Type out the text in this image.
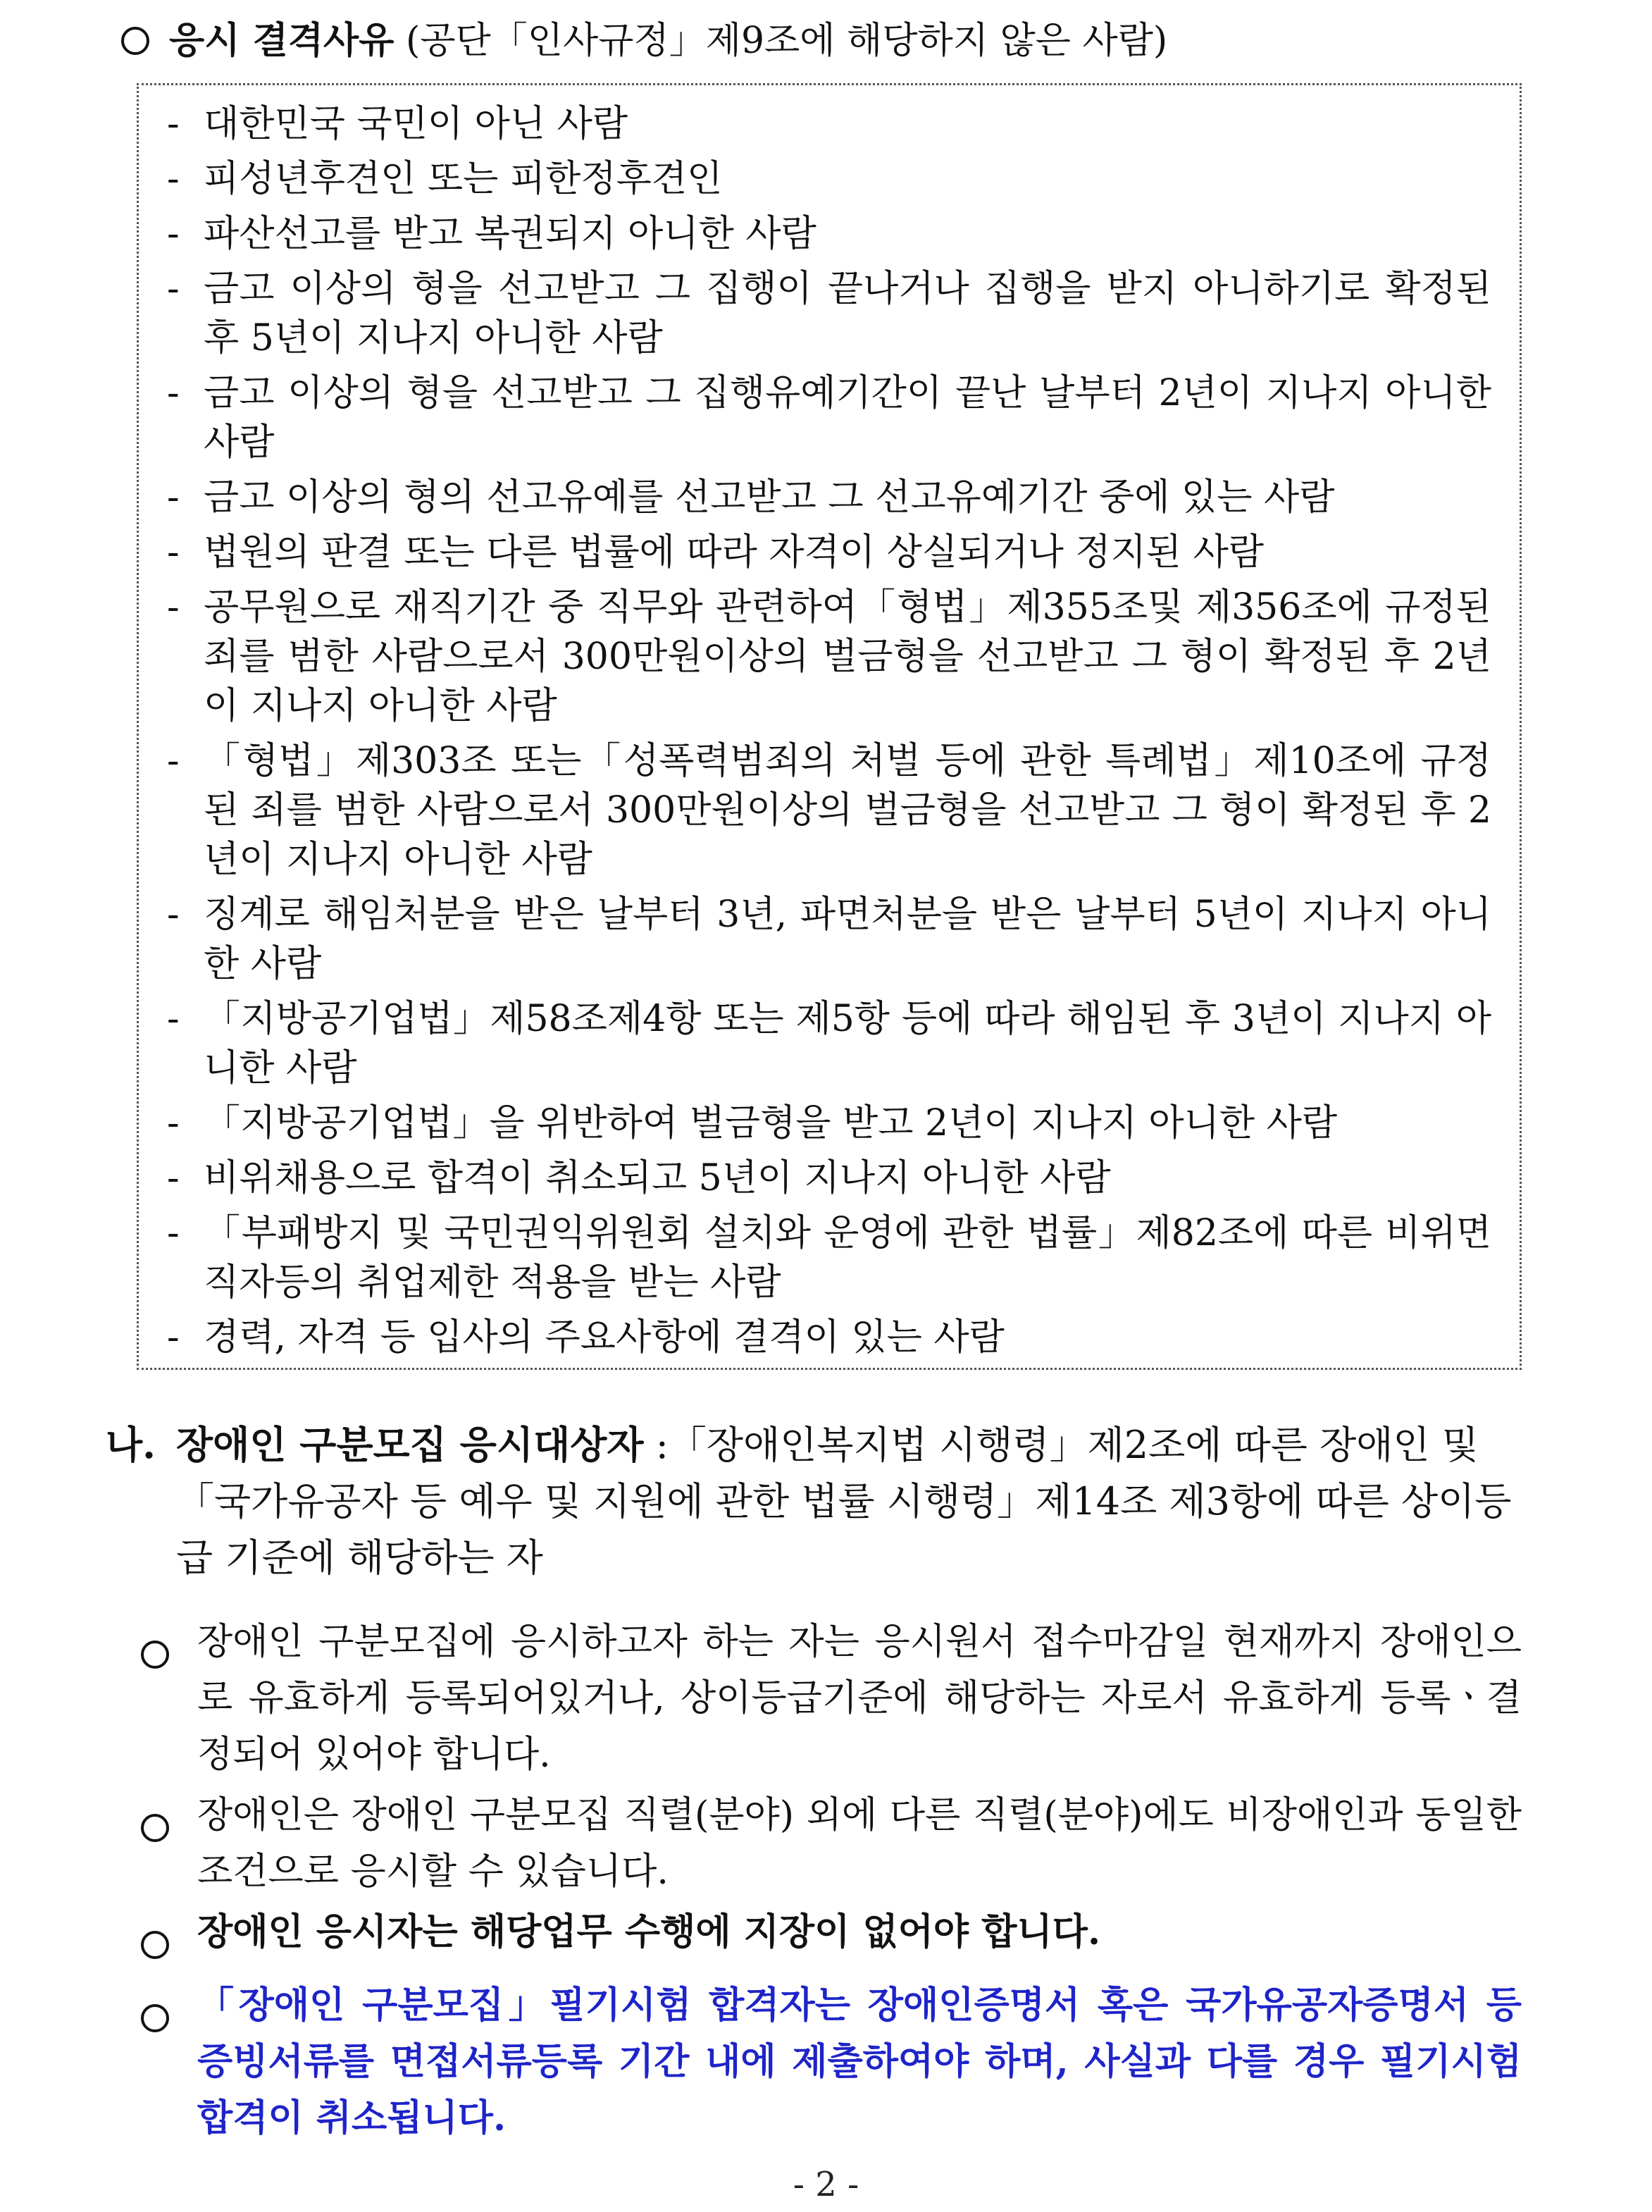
응시 결격사유 (공단「인사규정」제9조에 해당하지 않은 사람)
- 대한민국 국민이 아닌 사람
- 피성년후견인 또는 피한정후견인
- 파산선고를 받고 복권되지 아니한 사람
- 금고 이상의 형을 선고받고 그 집행이 끝나거나 집행을 받지 아니하기로 확정된 후 5년이 지나지 아니한 사람
- 금고 이상의 형을 선고받고 그 집행유예기간이 끝난 날부터 2년이 지나지 아니한 사람
- 금고 이상의 형의 선고유예를 선고받고 그 선고유예기간 중에 있는 사람
- 법원의 판결 또는 다른 법률에 따라 자격이 상실되거나 정지된 사람
- 공무원으로 재직기간 중 직무와 관련하여「형법」제355조및 제356조에 규정된 죄를 범한 사람으로서 300만원이상의 벌금형을 선고받고 그 형이 확정된 후 2년이 지나지 아니한 사람
- 「형법」제303조 또는「성폭력범죄의 처벌 등에 관한 특례법」제10조에 규정된 죄를 범한 사람으로서 300만원이상의 벌금형을 선고받고 그 형이 확정된 후 2년이 지나지 아니한 사람
- 징계로 해임처분을 받은 날부터 3년, 파면처분을 받은 날부터 5년이 지나지 아니한 사람
- 「지방공기업법」제58조제4항 또는 제5항 등에 따라 해임된 후 3년이 지나지 아니한 사람
- 「지방공기업법」을 위반하여 벌금형을 받고 2년이 지나지 아니한 사람
- 비위채용으로 합격이 취소되고 5년이 지나지 아니한 사람
- 「부패방지 및 국민권익위원회 설치와 운영에 관한 법률」제82조에 따른 비위면직자등의 취업제한 적용을 받는 사람
- 경력, 자격 등 입사의 주요사항에 결격이 있는 사람
나. 장애인 구분모집 응시대상자 :「장애인복지법 시행령」제2조에 따른 장애인 및「국가유공자 등 예우 및 지원에 관한 법률 시행령」제14조 제3항에 따른 상이등급 기준에 해당하는 자
장애인 구분모집에 응시하고자 하는 자는 응시원서 접수마감일 현재까지 장애인으로 유효하게 등록되어있거나, 상이등급기준에 해당하는 자로서 유효하게 등록ㆍ결정되어 있어야 합니다.
장애인은 장애인 구분모집 직렬(분야) 외에 다른 직렬(분야)에도 비장애인과 동일한 조건으로 응시할 수 있습니다.
장애인 응시자는 해당업무 수행에 지장이 없어야 합니다.
「장애인 구분모집」필기시험 합격자는 장애인증명서 혹은 국가유공자증명서 등 증빙서류를 면접서류등록 기간 내에 제출하여야 하며, 사실과 다를 경우 필기시험 합격이 취소됩니다.
- 2 -
